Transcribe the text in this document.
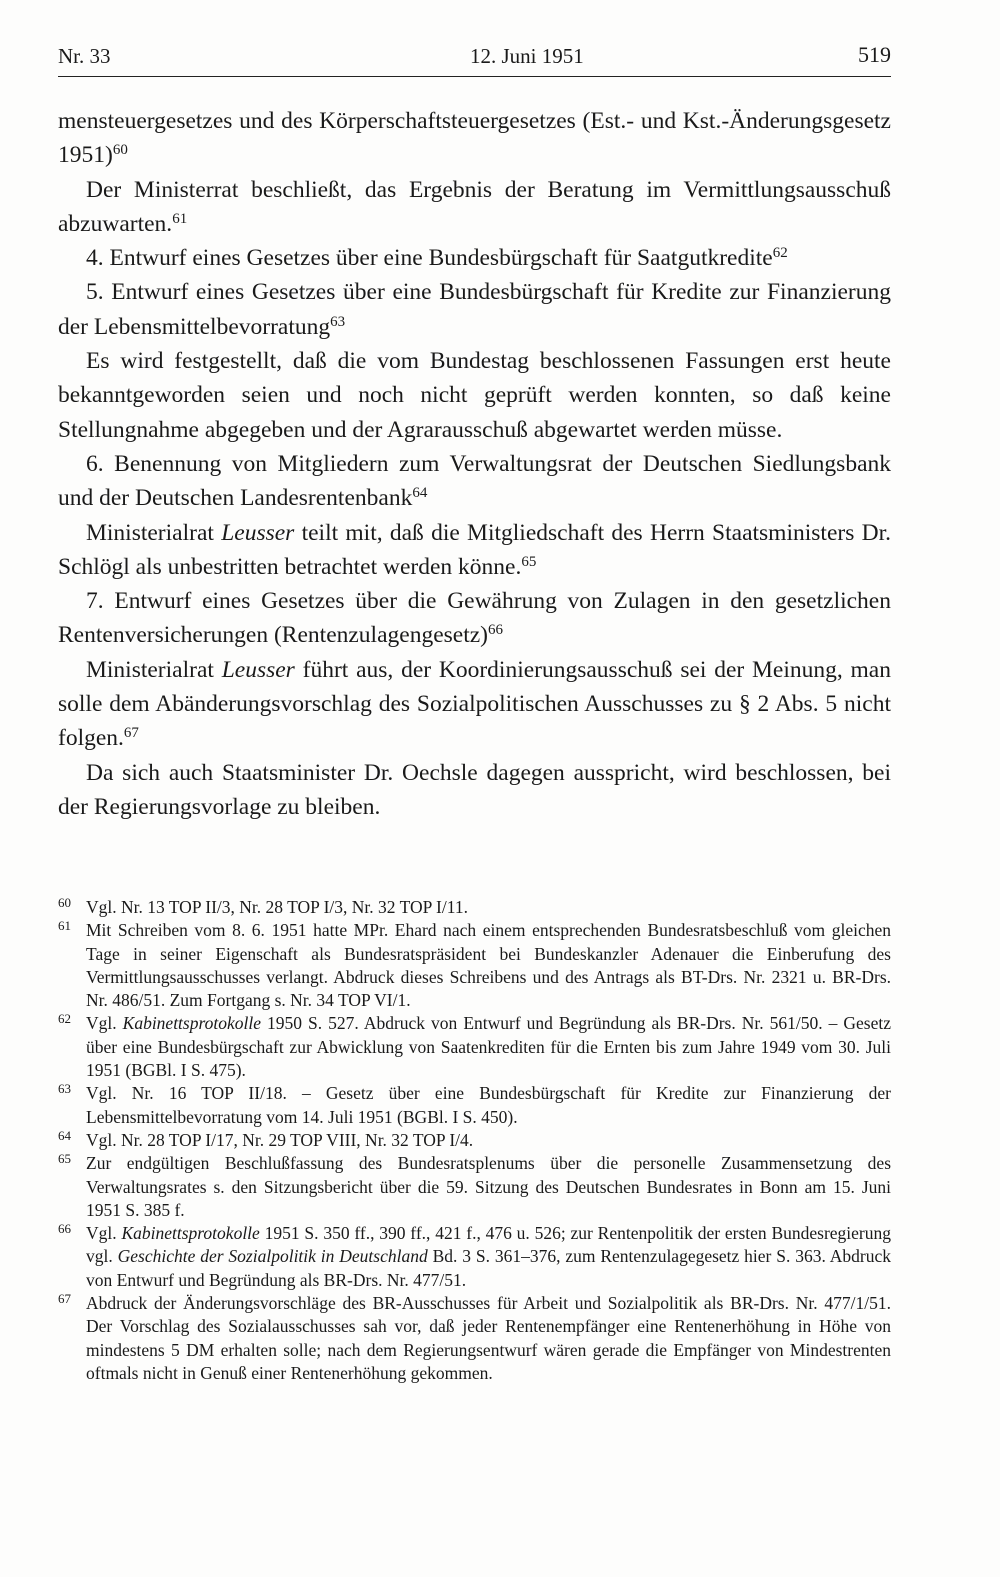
Nr. 33	12. Juni 1951	519

mensteuergesetzes und des Körperschaftsteuergesetzes (Est.- und Kst.-Änderungsgesetz 1951)$^{60}$

Der Ministerrat beschließt, das Ergebnis der Beratung im Vermittlungsausschuß abzuwarten.$^{61}$

4. Entwurf eines Gesetzes über eine Bundesbürgschaft für Saatgutkredite$^{62}$

5. Entwurf eines Gesetzes über eine Bundesbürgschaft für Kredite zur Finanzierung der Lebensmittelbevorratung$^{63}$

Es wird festgestellt, daß die vom Bundestag beschlossenen Fassungen erst heute bekanntgeworden seien und noch nicht geprüft werden konnten, so daß keine Stellungnahme abgegeben und der Agrarausschuß abgewartet werden müsse.

6. Benennung von Mitgliedern zum Verwaltungsrat der Deutschen Siedlungsbank und der Deutschen Landesrentenbank$^{64}$

Ministerialrat Leusser teilt mit, daß die Mitgliedschaft des Herrn Staatsministers Dr. Schlögl als unbestritten betrachtet werden könne.$^{65}$

7. Entwurf eines Gesetzes über die Gewährung von Zulagen in den gesetzlichen Rentenversicherungen (Rentenzulagengesetz)$^{66}$

Ministerialrat Leusser führt aus, der Koordinierungsausschuß sei der Meinung, man solle dem Abänderungsvorschlag des Sozialpolitischen Ausschusses zu § 2 Abs. 5 nicht folgen.$^{67}$

Da sich auch Staatsminister Dr. Oechsle dagegen ausspricht, wird beschlossen, bei der Regierungsvorlage zu bleiben.

60 Vgl. Nr. 13 TOP II/3, Nr. 28 TOP I/3, Nr. 32 TOP I/11.

61 Mit Schreiben vom 8. 6. 1951 hatte MPr. Ehard nach einem entsprechenden Bundesratsbeschluß vom gleichen Tage in seiner Eigenschaft als Bundesratspräsident bei Bundeskanzler Adenauer die Einberufung des Vermittlungsausschusses verlangt. Abdruck dieses Schreibens und des Antrags als BT-Drs. Nr. 2321 u. BR-Drs. Nr. 486/51. Zum Fortgang s. Nr. 34 TOP VI/1.

62 Vgl. Kabinettsprotokolle 1950 S. 527. Abdruck von Entwurf und Begründung als BR-Drs. Nr. 561/50. – Gesetz über eine Bundesbürgschaft zur Abwicklung von Saatenkrediten für die Ernten bis zum Jahre 1949 vom 30. Juli 1951 (BGBl. I S. 475).

63 Vgl. Nr. 16 TOP II/18. – Gesetz über eine Bundesbürgschaft für Kredite zur Finanzierung der Lebensmittelbevorratung vom 14. Juli 1951 (BGBl. I S. 450).

64 Vgl. Nr. 28 TOP I/17, Nr. 29 TOP VIII, Nr. 32 TOP I/4.

65 Zur endgültigen Beschlußfassung des Bundesratsplenums über die personelle Zusammensetzung des Verwaltungsrates s. den Sitzungsbericht über die 59. Sitzung des Deutschen Bundesrates in Bonn am 15. Juni 1951 S. 385 f.

66 Vgl. Kabinettsprotokolle 1951 S. 350 ff., 390 ff., 421 f., 476 u. 526; zur Rentenpolitik der ersten Bundesregierung vgl. Geschichte der Sozialpolitik in Deutschland Bd. 3 S. 361–376, zum Rentenzulagegesetz hier S. 363. Abdruck von Entwurf und Begründung als BR-Drs. Nr. 477/51.

67 Abdruck der Änderungsvorschläge des BR-Ausschusses für Arbeit und Sozialpolitik als BR-Drs. Nr. 477/1/51. Der Vorschlag des Sozialausschusses sah vor, daß jeder Rentenempfänger eine Rentenerhöhung in Höhe von mindestens 5 DM erhalten solle; nach dem Regierungsentwurf wären gerade die Empfänger von Mindestrenten oftmals nicht in Genuß einer Rentenerhöhung gekommen.
